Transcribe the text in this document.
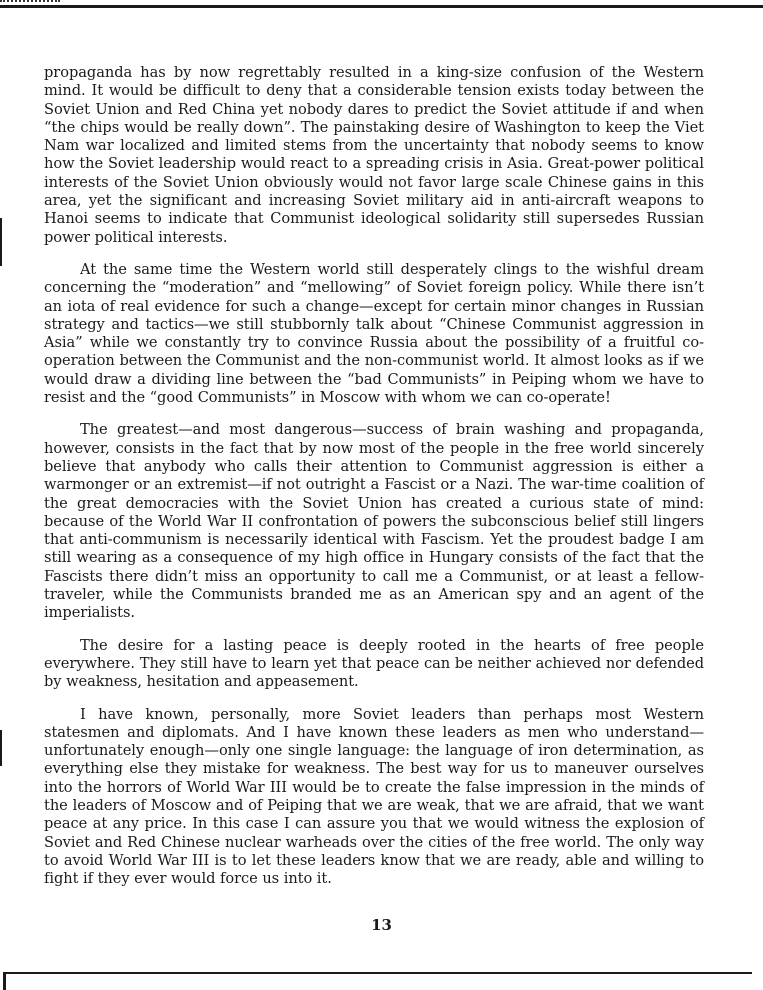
propaganda has by now regrettably resulted in a king-size confusion of the Western mind. It would be difficult to deny that a considerable tension exists today between the Soviet Union and Red China yet nobody dares to predict the Soviet attitude if and when “the chips would be really down”. The painstaking desire of Washington to keep the Viet Nam war localized and limited stems from the uncertainty that nobody seems to know how the Soviet leadership would react to a spreading crisis in Asia. Great-power political interests of the Soviet Union obviously would not favor large scale Chinese gains in this area, yet the significant and increasing Soviet military aid in anti-aircraft weapons to Hanoi seems to indicate that Communist ideological solidarity still supersedes Russian power political interests.

At the same time the Western world still desperately clings to the wishful dream concerning the “moderation” and “mellowing” of Soviet foreign policy. While there isn’t an iota of real evidence for such a change—except for certain minor changes in Russian strategy and tactics—we still stubbornly talk about “Chinese Communist aggression in Asia” while we constantly try to convince Russia about the possibility of a fruitful co-operation between the Communist and the non-communist world. It almost looks as if we would draw a dividing line between the “bad Communists” in Peiping whom we have to resist and the “good Communists” in Moscow with whom we can co-operate!

The greatest—and most dangerous—success of brain washing and propaganda, however, consists in the fact that by now most of the people in the free world sincerely believe that anybody who calls their attention to Communist aggression is either a warmonger or an extremist—if not outright a Fascist or a Nazi. The war-time coalition of the great democracies with the Soviet Union has created a curious state of mind: because of the World War II confrontation of powers the subconscious belief still lingers that anti-communism is necessarily identical with Fascism. Yet the proudest badge I am still wearing as a consequence of my high office in Hungary consists of the fact that the Fascists there didn’t miss an opportunity to call me a Communist, or at least a fellow-traveler, while the Communists branded me as an American spy and an agent of the imperialists.

The desire for a lasting peace is deeply rooted in the hearts of free people everywhere. They still have to learn yet that peace can be neither achieved nor defended by weakness, hesitation and appeasement.

I have known, personally, more Soviet leaders than perhaps most Western statesmen and diplomats. And I have known these leaders as men who understand—unfortunately enough—only one single language: the language of iron determination, as everything else they mistake for weakness. The best way for us to maneuver ourselves into the horrors of World War III would be to create the false impression in the minds of the leaders of Moscow and of Peiping that we are weak, that we are afraid, that we want peace at any price. In this case I can assure you that we would witness the explosion of Soviet and Red Chinese nuclear warheads over the cities of the free world. The only way to avoid World War III is to let these leaders know that we are ready, able and willing to fight if they ever would force us into it.

13
